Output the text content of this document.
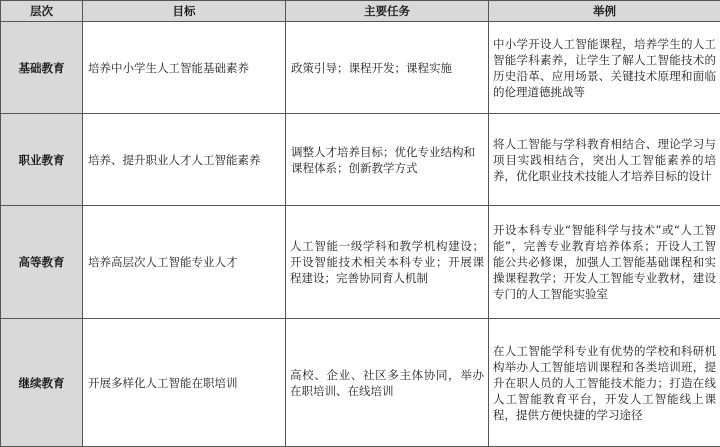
层次	目标	主要任务	举例
基础教育	培养中小学生人工智能基础素养	政策引导；课程开发；课程实施	中小学开设人工智能课程，培养学生的人工智能学科素养，让学生了解人工智能技术的历史沿革、应用场景、关键技术原理和面临的伦理道德挑战等
职业教育	培养、提升职业人才人工智能素养	调整人才培养目标；优化专业结构和课程体系；创新教学方式	将人工智能与学科教育相结合、理论学习与项目实践相结合，突出人工智能素养的培养，优化职业技术技能人才培养目标的设计
高等教育	培养高层次人工智能专业人才	人工智能一级学科和教学机构建设；开设智能技术相关本科专业；开展课程建设；完善协同育人机制	开设本科专业“智能科学与技术”或“人工智能”，完善专业教育培养体系；开设人工智能公共必修课，加强人工智能基础课程和实操课程教学；开发人工智能专业教材，建设专门的人工智能实验室
继续教育	开展多样化人工智能在职培训	高校、企业、社区多主体协同，举办在职培训、在线培训	在人工智能学科专业有优势的学校和科研机构举办人工智能培训课程和各类培训班，提升在职人员的人工智能技术能力；打造在线人工智能教育平台，开发人工智能线上课程，提供方便快捷的学习途径
